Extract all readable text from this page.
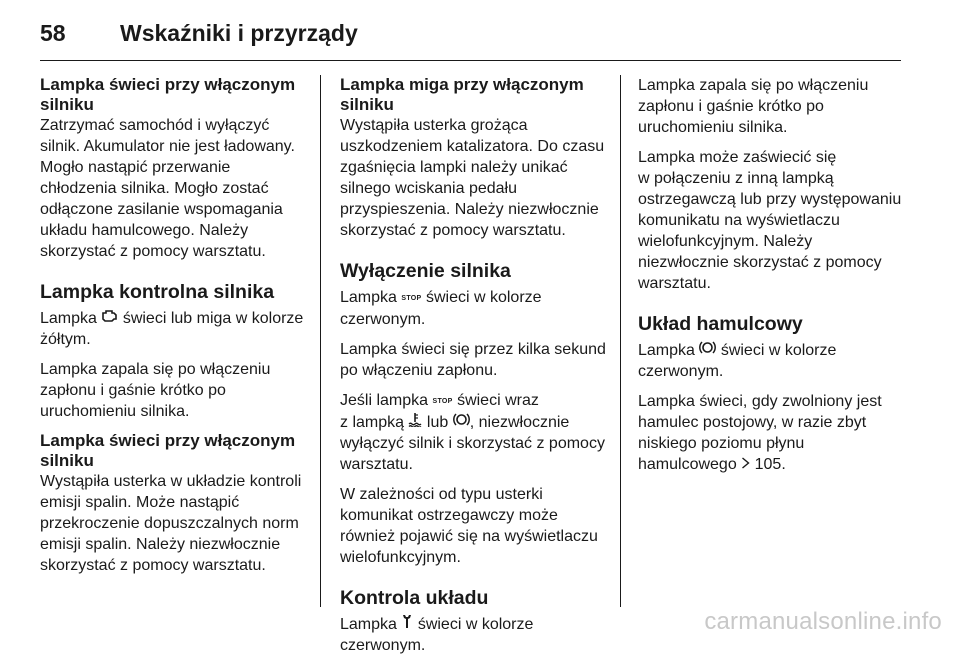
58 Wskaźniki i przyrządy
Lampka świeci przy włączonym
silniku

Zatrzymać samochód i wyłączyć
silnik. Akumulator nie jest ładowany.
Mogło nastąpić przerwanie
chłodzenia silnika. Mogło zostać
odłączone zasilanie wspomagania
układu hamulcowego. Należy
skorzystać z pomocy warsztatu.

Lampka kontrolna silnika

Lampka  świeci lub miga w kolorze
żółtym.

Lampka zapala się po włączeniu
zapłonu i gaśnie krótko po
uruchomieniu silnika.

Lampka świeci przy włączonym
silniku

Wystąpiła usterka w układzie kontroli
emisji spalin. Może nastąpić
przekroczenie dopuszczalnych norm
emisji spalin. Należy niezwłocznie
skorzystać z pomocy warsztatu.

Lampka miga przy włączonym
silniku

Wystąpiła usterka grożąca
uszkodzeniem katalizatora. Do czasu
zgaśnięcia lampki należy unikać
silnego wciskania pedału
przyspieszenia. Należy niezwłocznie
skorzystać z pomocy warsztatu.

Wyłączenie silnika

Lampka STOP świeci w kolorze
czerwonym.

Lampka świeci się przez kilka sekund
po włączeniu zapłonu.

Jeśli lampka STOP świeci wraz
z lampką  lub , niezwłocznie
wyłączyć silnik i skorzystać z pomocy
warsztatu.

W zależności od typu usterki
komunikat ostrzegawczy może
również pojawić się na wyświetlaczu
wielofunkcyjnym.

Kontrola układu

Lampka  świeci w kolorze
czerwonym.

Lampka zapala się po włączeniu
zapłonu i gaśnie krótko po
uruchomieniu silnika.

Lampka może zaświecić się
w połączeniu z inną lampką
ostrzegawczą lub przy występowaniu
komunikatu na wyświetlaczu
wielofunkcyjnym. Należy
niezwłocznie skorzystać z pomocy
warsztatu.

Układ hamulcowy

Lampka  świeci w kolorze
czerwonym.

Lampka świeci, gdy zwolniony jest
hamulec postojowy, w razie zbyt
niskiego poziomu płynu
hamulcowego  105.

carmanualsonline.info
